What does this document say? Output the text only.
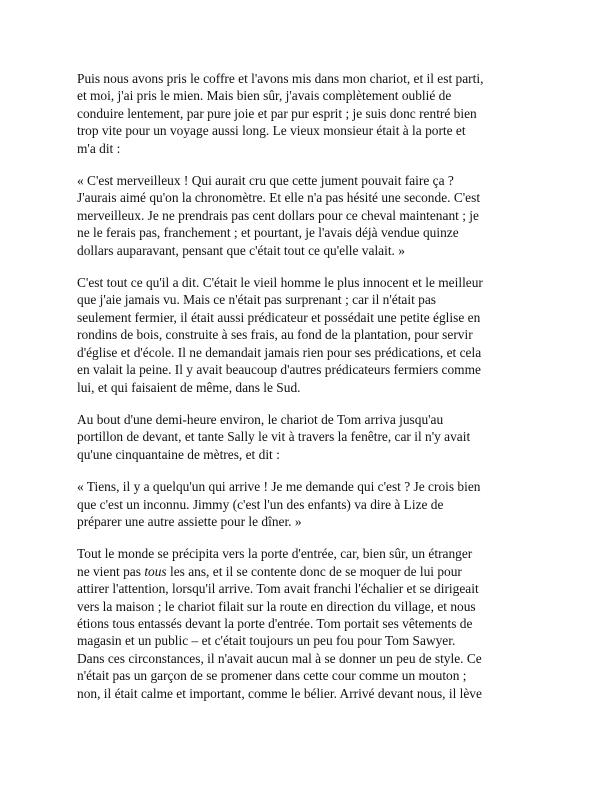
Puis nous avons pris le coffre et l'avons mis dans mon chariot, et il est parti,
et moi, j'ai pris le mien. Mais bien sûr, j'avais complètement oublié de
conduire lentement, par pure joie et par pur esprit ; je suis donc rentré bien
trop vite pour un voyage aussi long. Le vieux monsieur était à la porte et
m'a dit :

« C'est merveilleux ! Qui aurait cru que cette jument pouvait faire ça ?
J'aurais aimé qu'on la chronomètre. Et elle n'a pas hésité une seconde. C'est
merveilleux. Je ne prendrais pas cent dollars pour ce cheval maintenant ; je
ne le ferais pas, franchement ; et pourtant, je l'avais déjà vendue quinze
dollars auparavant, pensant que c'était tout ce qu'elle valait. »

C'est tout ce qu'il a dit. C'était le vieil homme le plus innocent et le meilleur
que j'aie jamais vu. Mais ce n'était pas surprenant ; car il n'était pas
seulement fermier, il était aussi prédicateur et possédait une petite église en
rondins de bois, construite à ses frais, au fond de la plantation, pour servir
d'église et d'école. Il ne demandait jamais rien pour ses prédications, et cela
en valait la peine. Il y avait beaucoup d'autres prédicateurs fermiers comme
lui, et qui faisaient de même, dans le Sud.

Au bout d'une demi-heure environ, le chariot de Tom arriva jusqu'au
portillon de devant, et tante Sally le vit à travers la fenêtre, car il n'y avait
qu'une cinquantaine de mètres, et dit :

« Tiens, il y a quelqu'un qui arrive ! Je me demande qui c'est ? Je crois bien
que c'est un inconnu. Jimmy (c'est l'un des enfants) va dire à Lize de
préparer une autre assiette pour le dîner. »

Tout le monde se précipita vers la porte d'entrée, car, bien sûr, un étranger
ne vient pas tous les ans, et il se contente donc de se moquer de lui pour
attirer l'attention, lorsqu'il arrive. Tom avait franchi l'échalier et se dirigeait
vers la maison ; le chariot filait sur la route en direction du village, et nous
étions tous entassés devant la porte d'entrée. Tom portait ses vêtements de
magasin et un public – et c'était toujours un peu fou pour Tom Sawyer.
Dans ces circonstances, il n'avait aucun mal à se donner un peu de style. Ce
n'était pas un garçon de se promener dans cette cour comme un mouton ;
non, il était calme et important, comme le bélier. Arrivé devant nous, il lève
